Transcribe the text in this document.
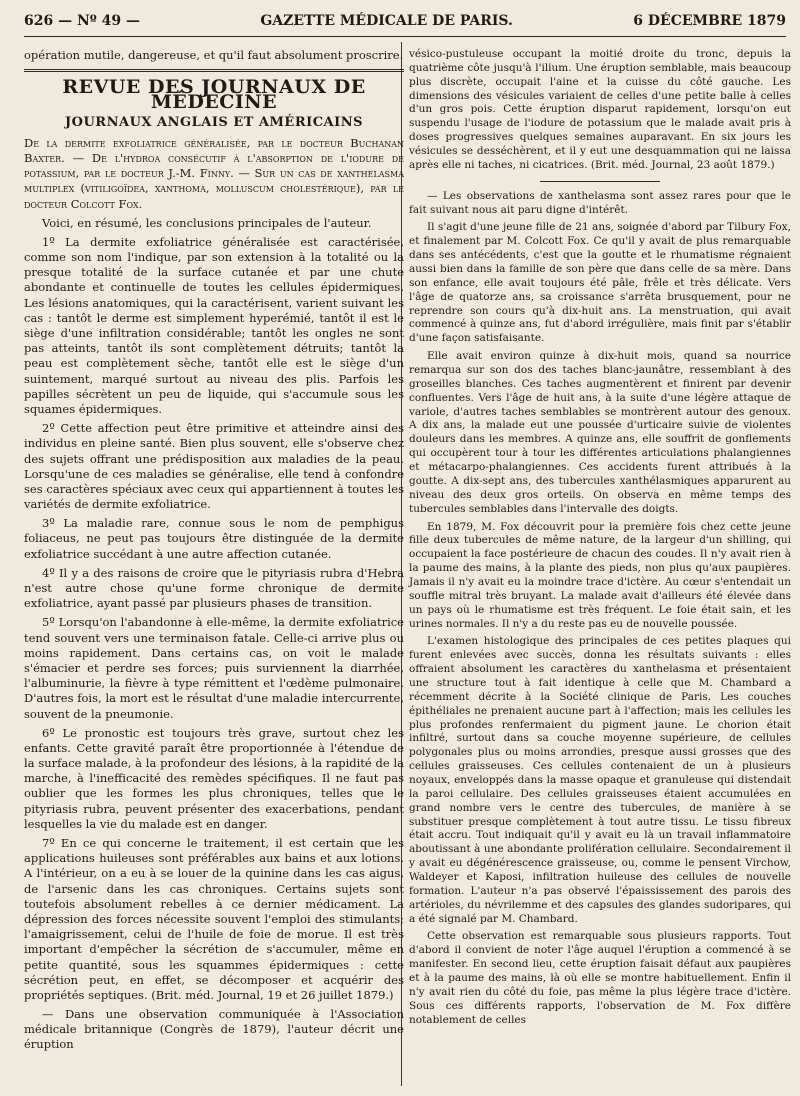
626 — Nº 49 —	GAZETTE MÉDICALE DE PARIS.	6 DÉCEMBRE 1879

opération mutile, dangereuse, et qu'il faut absolument proscrire.

REVUE DES JOURNAUX DE MÉDECINE
JOURNAUX ANGLAIS ET AMÉRICAINS

De la dermite exfoliatrice généralisée, par le docteur Buchanan Baxter. — De l'hydroa consécutif à l'absorption de l'iodure de potassium, par le docteur J.-M. Finny. — Sur un cas de xanthelasma multiplex (vitiligoïdea, xanthoma, molluscum cholestérique), par le docteur Colcott Fox.

Voici, en résumé, les conclusions principales de l'auteur.

1º La dermite exfoliatrice généralisée est caractérisée, comme son nom l'indique, par son extension à la totalité ou la presque totalité de la surface cutanée et par une chute abondante et continuelle de toutes les cellules épidermiques. Les lésions anatomiques, qui la caractérisent, varient suivant les cas : tantôt le derme est simplement hyperémié, tantôt il est le siège d'une infiltration considérable; tantôt les ongles ne sont pas atteints, tantôt ils sont complètement détruits; tantôt la peau est complètement sèche, tantôt elle est le siège d'un suintement, marqué surtout au niveau des plis. Parfois les papilles sécrètent un peu de liquide, qui s'accumule sous les squames épidermiques.

2º Cette affection peut être primitive et atteindre ainsi des individus en pleine santé. Bien plus souvent, elle s'observe chez des sujets offrant une prédisposition aux maladies de la peau. Lorsqu'une de ces maladies se généralise, elle tend à confondre ses caractères spéciaux avec ceux qui appartiennent à toutes les variétés de dermite exfoliatrice.

3º La maladie rare, connue sous le nom de pemphigus foliaceus, ne peut pas toujours être distinguée de la dermite exfoliatrice succédant à une autre affection cutanée.

4º Il y a des raisons de croire que le pityriasis rubra d'Hebra n'est autre chose qu'une forme chronique de dermite exfoliatrice, ayant passé par plusieurs phases de transition.

5º Lorsqu'on l'abandonne à elle-même, la dermite exfoliatrice tend souvent vers une terminaison fatale. Celle-ci arrive plus ou moins rapidement. Dans certains cas, on voit le malade s'émacier et perdre ses forces; puis surviennent la diarrhée, l'albuminurie, la fièvre à type rémittent et l'œdème pulmonaire. D'autres fois, la mort est le résultat d'une maladie intercurrente, souvent de la pneumonie.

6º Le pronostic est toujours très grave, surtout chez les enfants. Cette gravité paraît être proportionnée à l'étendue de la surface malade, à la profondeur des lésions, à la rapidité de la marche, à l'inefficacité des remèdes spécifiques. Il ne faut pas oublier que les formes les plus chroniques, telles que le pityriasis rubra, peuvent présenter des exacerbations, pendant lesquelles la vie du malade est en danger.

7º En ce qui concerne le traitement, il est certain que les applications huileuses sont préférables aux bains et aux lotions. A l'intérieur, on a eu à se louer de la quinine dans les cas aigus, de l'arsenic dans les cas chroniques. Certains sujets sont toutefois absolument rebelles à ce dernier médicament. La dépression des forces nécessite souvent l'emploi des stimulants; l'amaigrissement, celui de l'huile de foie de morue. Il est très important d'empêcher la sécrétion de s'accumuler, même en petite quantité, sous les squammes épidermiques : cette sécrétion peut, en effet, se décomposer et acquérir des propriétés septiques. (Brit. méd. Journal, 19 et 26 juillet 1879.)

— Dans une observation communiquée à l'Association médicale britannique (Congrès de 1879), l'auteur décrit une éruption

vésico-pustuleuse occupant la moitié droite du tronc, depuis la quatrième côte jusqu'à l'ilium. Une éruption semblable, mais beaucoup plus discrète, occupait l'aine et la cuisse du côté gauche. Les dimensions des vésicules variaient de celles d'une petite balle à celles d'un gros pois. Cette éruption disparut rapidement, lorsqu'on eut suspendu l'usage de l'iodure de potassium que le malade avait pris à doses progressives quelques semaines auparavant. En six jours les vésicules se desséchèrent, et il y eut une desquammation qui ne laissa après elle ni taches, ni cicatrices. (Brit. méd. Journal, 23 août 1879.)

— Les observations de xanthelasma sont assez rares pour que le fait suivant nous ait paru digne d'intérêt.

Il s'agit d'une jeune fille de 21 ans, soignée d'abord par Tilbury Fox, et finalement par M. Colcott Fox. Ce qu'il y avait de plus remarquable dans ses antécédents, c'est que la goutte et le rhumatisme régnaient aussi bien dans la famille de son père que dans celle de sa mère. Dans son enfance, elle avait toujours été pâle, frêle et très délicate. Vers l'âge de quatorze ans, sa croissance s'arrêta brusquement, pour ne reprendre son cours qu'à dix-huit ans. La menstruation, qui avait commencé à quinze ans, fut d'abord irrégulière, mais finit par s'établir d'une façon satisfaisante.

Elle avait environ quinze à dix-huit mois, quand sa nourrice remarqua sur son dos des taches blanc-jaunâtre, ressemblant à des groseilles blanches. Ces taches augmentèrent et finirent par devenir confluentes. Vers l'âge de huit ans, à la suite d'une légère attaque de variole, d'autres taches semblables se montrèrent autour des genoux. A dix ans, la malade eut une poussée d'urticaire suivie de violentes douleurs dans les membres. A quinze ans, elle souffrit de gonflements qui occupèrent tour à tour les différentes articulations phalangiennes et métacarpo-phalangiennes. Ces accidents furent attribués à la goutte. A dix-sept ans, des tubercules xanthélasmiques apparurent au niveau des deux gros orteils. On observa en même temps des tubercules semblables dans l'intervalle des doigts.

En 1879, M. Fox découvrit pour la première fois chez cette jeune fille deux tubercules de même nature, de la largeur d'un shilling, qui occupaient la face postérieure de chacun des coudes. Il n'y avait rien à la paume des mains, à la plante des pieds, non plus qu'aux paupières. Jamais il n'y avait eu la moindre trace d'ictère. Au cœur s'entendait un souffle mitral très bruyant. La malade avait d'ailleurs été élevée dans un pays où le rhumatisme est très fréquent. Le foie était sain, et les urines normales. Il n'y a du reste pas eu de nouvelle poussée.

L'examen histologique des principales de ces petites plaques qui furent enlevées avec succès, donna les résultats suivants : elles offraient absolument les caractères du xanthelasma et présentaient une structure tout à fait identique à celle que M. Chambard a récemment décrite à la Société clinique de Paris. Les couches épithéliales ne prenaient aucune part à l'affection; mais les cellules les plus profondes renfermaient du pigment jaune. Le chorion était infiltré, surtout dans sa couche moyenne supérieure, de cellules polygonales plus ou moins arrondies, presque aussi grosses que des cellules graisseuses. Ces cellules contenaient de un à plusieurs noyaux, enveloppés dans la masse opaque et granuleuse qui distendait la paroi cellulaire. Des cellules graisseuses étaient accumulées en grand nombre vers le centre des tubercules, de manière à se substituer presque complètement à tout autre tissu. Le tissu fibreux était accru. Tout indiquait qu'il y avait eu là un travail inflammatoire aboutissant à une abondante prolifération cellulaire. Secondairement il y avait eu dégénérescence graisseuse, ou, comme le pensent Virchow, Waldeyer et Kaposi, infiltration huileuse des cellules de nouvelle formation. L'auteur n'a pas observé l'épaississement des parois des artérioles, du névrilemme et des capsules des glandes sudoripares, qui a été signalé par M. Chambard.

Cette observation est remarquable sous plusieurs rapports. Tout d'abord il convient de noter l'âge auquel l'éruption a commencé à se manifester. En second lieu, cette éruption faisait défaut aux paupières et à la paume des mains, là où elle se montre habituellement. Enfin il n'y avait rien du côté du foie, pas même la plus légère trace d'ictère. Sous ces différents rapports, l'observation de M. Fox diffère notablement de celles
